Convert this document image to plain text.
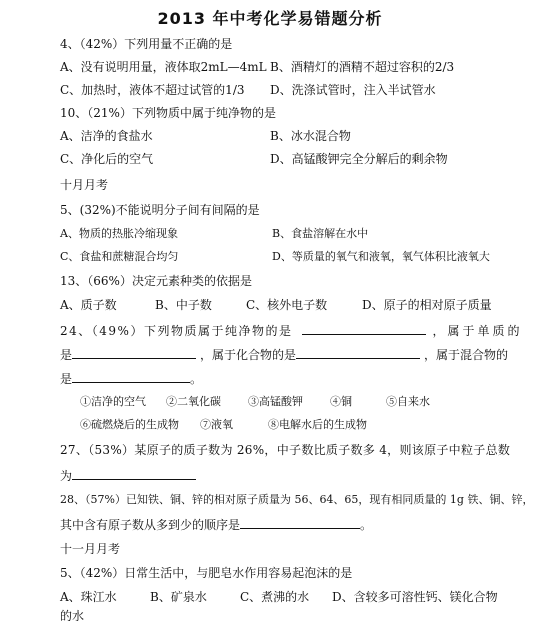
2013 年中考化学易错题分析
4、（42%）下列用量不正确的是
A、没有说明用量，液体取2mL—4mL B、酒精灯的酒精不超过容积的2/3
C、加热时，液体不超过试管的1/3 D、洗涤试管时，注入半试管水
10、（21%）下列物质中属于纯净物的是
A、洁净的食盐水	B、冰水混合物
C、净化后的空气	D、高锰酸钾完全分解后的剩余物
十月月考
5、(32%)不能说明分子间有间隔的是
A、物质的热胀冷缩现象	B、食盐溶解在水中
C、食盐和蔗糖混合均匀	D、等质量的氧气和液氧，氧气体积比液氧大
13、（66%）决定元素种类的依据是
A、质子数	B、中子数	C、核外电子数	D、原子的相对原子质量
24、（49%）下列物质属于纯净物的是	，属于单质的
是	，属于化合物的是	，属于混合物的
是	。
①洁净的空气 ②二氧化碳 ③高锰酸钾 ④铜	⑤自来水
⑥硫燃烧后的生成物 ⑦液氧	⑧电解水后的生成物
27、（53%）某原子的质子数为 26%，中子数比质子数多 4，则该原子中粒子总数
为
28、（57%）已知铁、铜、锌的相对原子质量为 56、64、65，现有相同质量的 1g 铁、铜、锌，
其中含有原子数从多到少的顺序是	。
十一月月考
5、（42%）日常生活中，与肥皂水作用容易起泡沫的是
A、珠江水	B、矿泉水	C、煮沸的水 D、含较多可溶性钙、镁化合物
的水
